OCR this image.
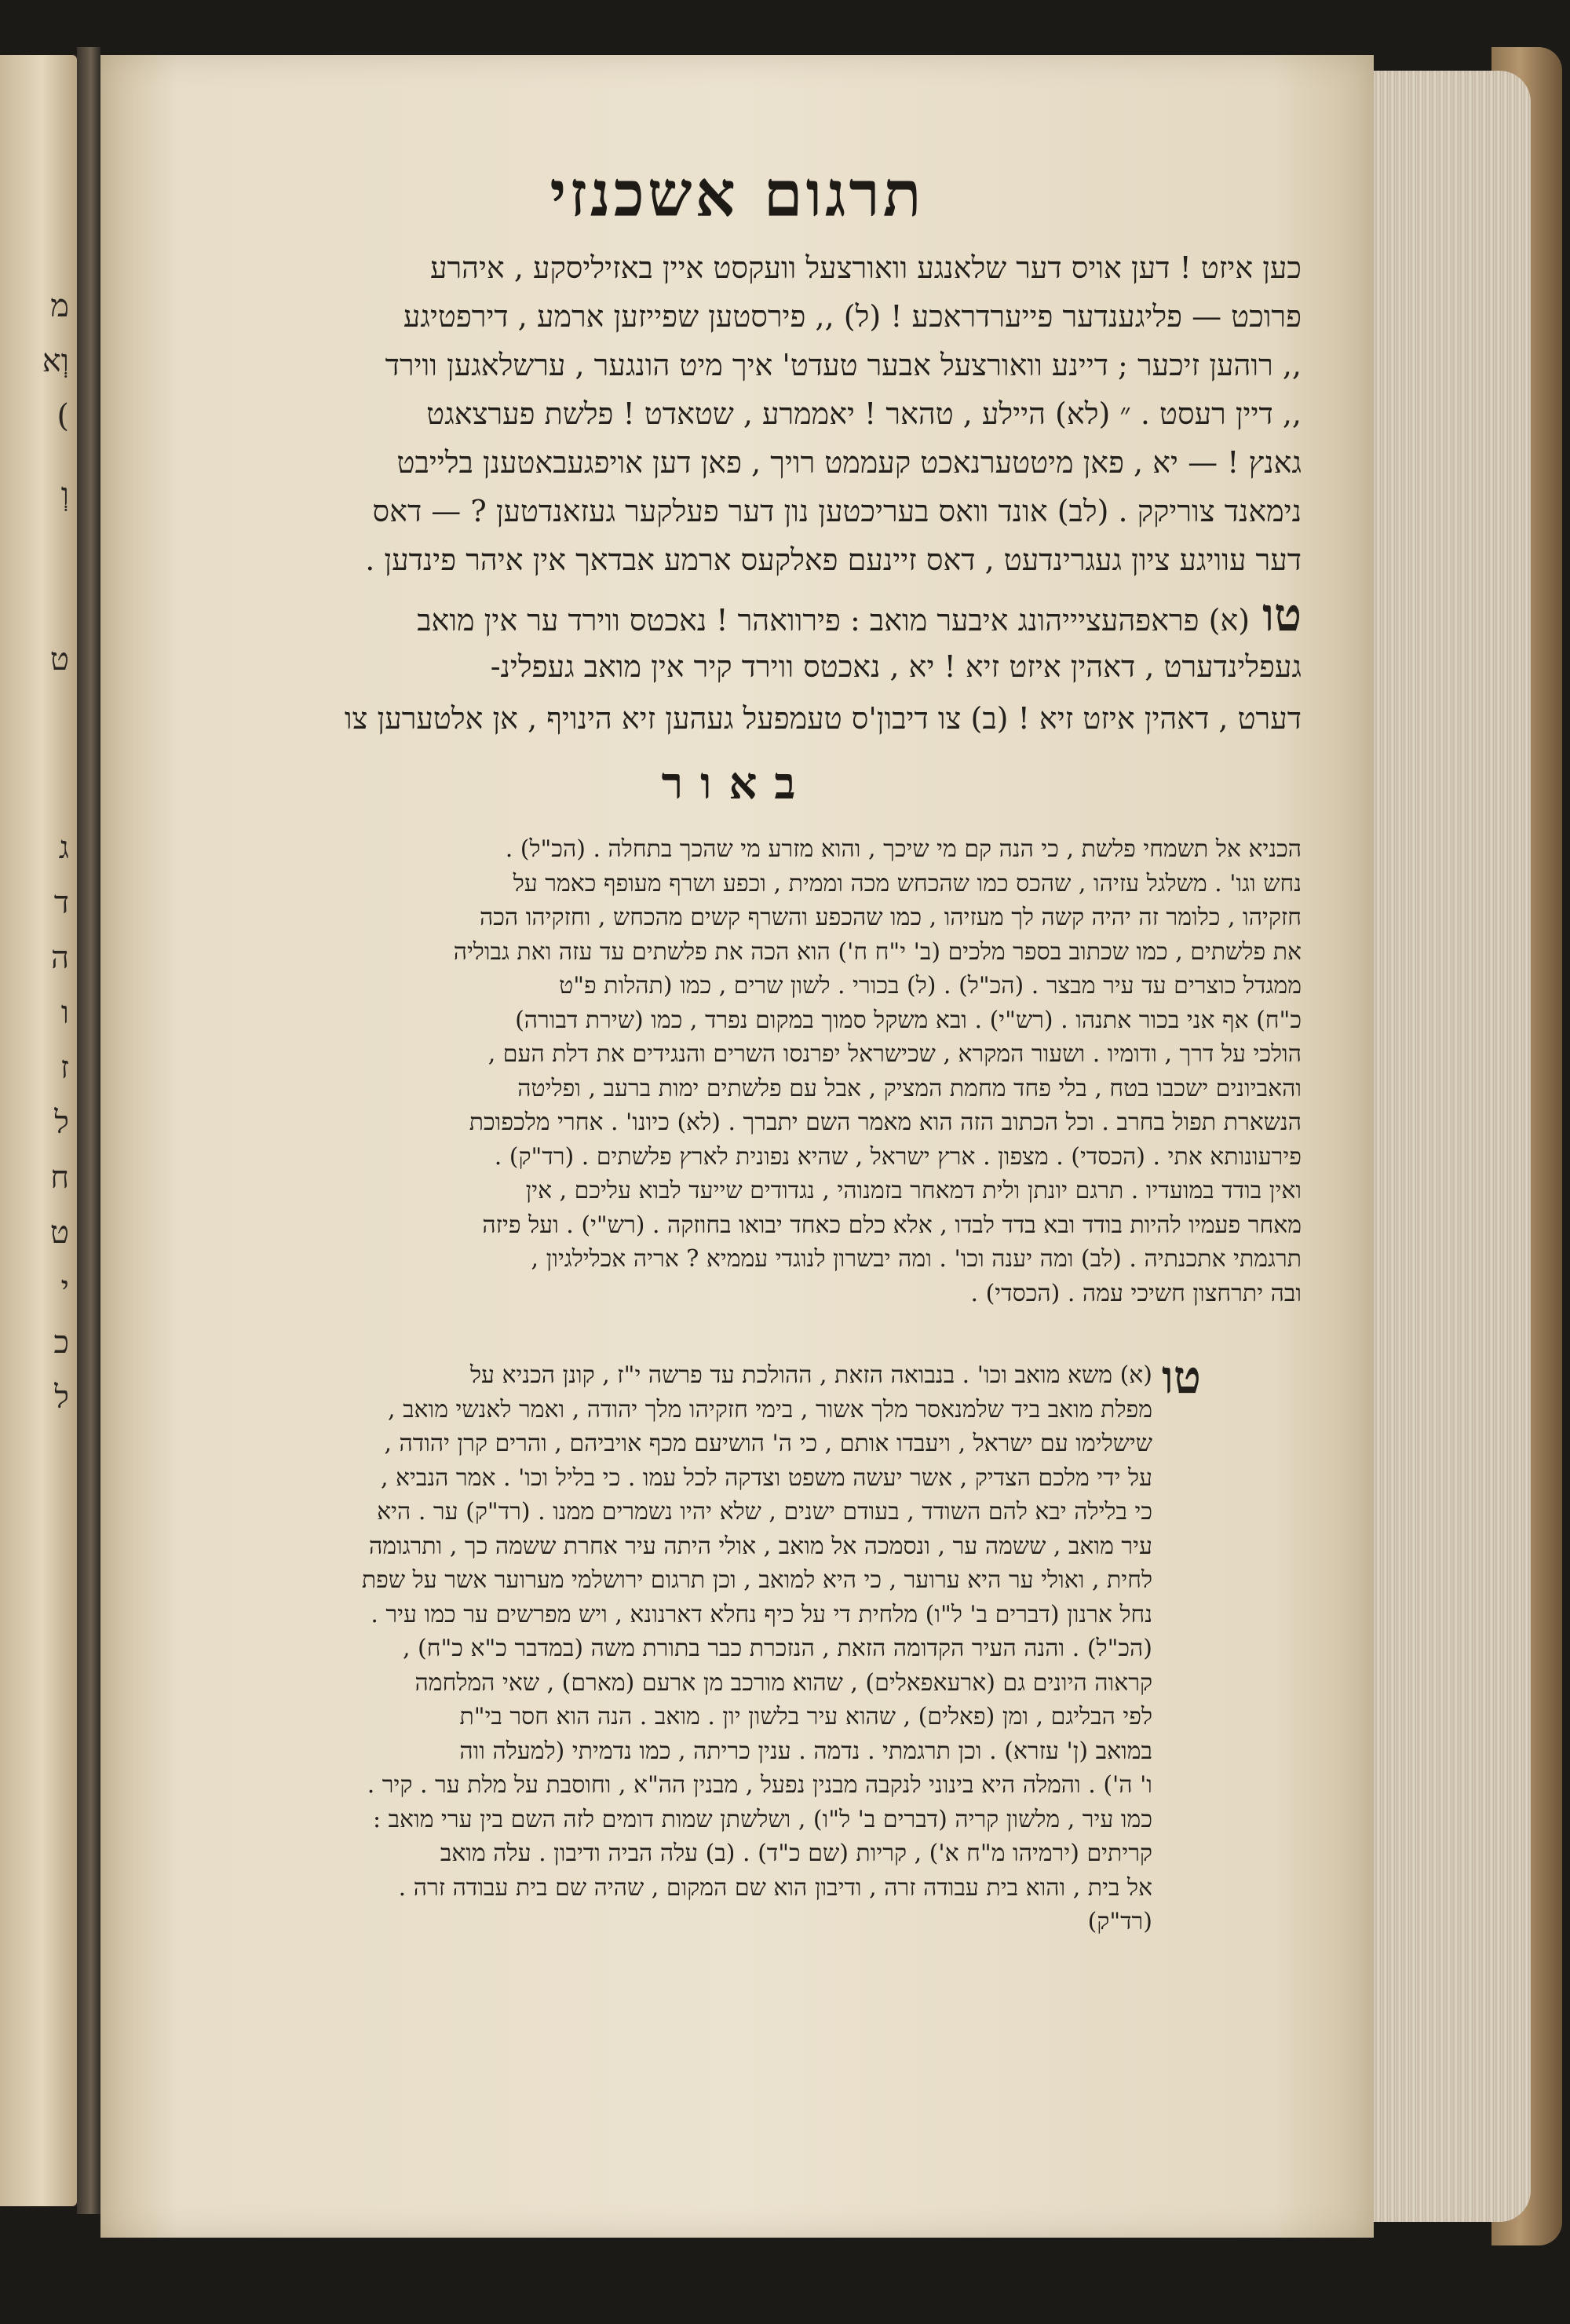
מ
וְא
(
וְ
ט
ג
ד
ה
ו
ז
ל
ח
ט
י
כ
ל
תרגום אשכנזי
כען איזט ! דען אויס דער שלאנגע וואורצעל וועקסט איין באזיליסקע , איהרע
פרוכט — פליגענדער פייערדראכע ! (ל) ,, פירסטען שפייזען ארמע , דירפטיגע
,, רוהען זיכער ; דיינע וואורצעל אבער טעדט' איך מיט הונגער , ערשלאגען ווירד
,, דיין רעסט . ״ (לא) היילע , טהאר ! יאממרע , שטאדט ! פלשת פערצאגט
גאנץ ! — יא , פאן מיטטערנאכט קעממט רויך , פאן דען אויפגעבאטענן בלייבט
נימאנד צוריקק . (לב) אונד וואס בעריכטען נון דער פעלקער געזאנדטען ? — דאס
דער עוויגע ציון געגרינדעט , דאס זיינעם פאלקעס ארמע אבדאך אין איהר פינדען .
טו(א) פראפהעציייהונג איבער מואב : פירוואהר ! נאכטס ווירד ער אין מואב
געפלינדערט , דאהין איזט זיא ! יא , נאכטס ווירד קיר אין מואב געפלינ-
דערט , דאהין איזט זיא ! (ב) צו דיבון'ס טעמפעל געהען זיא הינויף , אן אלטערען צו
באור
הכניא אל תשמחי פלשת , כי הנה קם מי שיכך , והוא מזרע מי שהכך בתחלה . (הכ"ל) .
נחש וגו' . משלגל עזיהו , שהכס כמו שהכחש מכה וממית , וכפע ושרף מעופף כאמר על
חזקיהו , כלומר זה יהיה קשה לך מעזיהו , כמו שהכפע והשרף קשים מהכחש , וחזקיהו הכה
את פלשתים , כמו שכתוב בספר מלכים (ב' י"ח ח') הוא הכה את פלשתים עד עזה ואת גבוליה
ממגדל כוצרים עד עיר מבצר . (הכ"ל) . (ל) בכורי . לשון שרים , כמו (תהלות פ"ט
כ"ח) אף אני בכור אתנהו . (רש"י) . ובא משקל סמוך במקום נפרד , כמו (שירת דבורה)
הולכי על דרך , ודומיו . ושעור המקרא , שכישראל יפרנסו השרים והנגידים את דלת העם ,
והאביונים ישכבו בטח , בלי פחד מחמת המציק , אבל עם פלשתים ימות ברעב , ופליטה
הנשארת תפול בחרב . וכל הכתוב הזה הוא מאמר השם יתברך . (לא) כיונו' . אחרי מלכפוכת
פירעונותא אתי . (הכסדי) . מצפון . ארץ ישראל , שהיא נפונית לארץ פלשתים . (רד"ק) .
ואין בודד במועדיו . תרגם יונתן ולית דמאחר בזמנוהי , נגדודים שייעד לבוא עליכם , אין
מאחר פעמיו להיות בודד ובא בדד לבדו , אלא כלם כאחד יבואו בחוזקה . (רש"י) . ועל פיזה
תרגמתי אתכנתיה . (לב) ומה יענה וכו' . ומה יבשרון לנוגדי עממיא ? אריה אכלילגיון ,
ובה יתרחצון חשיכי עמה . (הכסדי) .
טו
(א) משא מואב וכו' . בנבואה הזאת , ההולכת עד פרשה י"ז , קונן הכניא על
מפלת מואב ביד שלמנאסר מלך אשור , בימי חזקיהו מלך יהודה , ואמר לאנשי מואב ,
שישלימו עם ישראל , ויעבדו אותם , כי ה' הושיעם מכף אויביהם , והרים קרן יהודה ,
על ידי מלכם הצדיק , אשר יעשה משפט וצדקה לכל עמו . כי בליל וכו' . אמר הנביא ,
כי בלילה יבא להם השודד , בעודם ישנים , שלא יהיו נשמרים ממנו . (רד"ק) ער . היא
עיר מואב , ששמה ער , ונסמכה אל מואב , אולי היתה עיר אחרת ששמה כך , ותרגומה
לחית , ואולי ער היא ערוער , כי היא למואב , וכן תרגום ירושלמי מערוער אשר על שפת
נחל ארנון (דברים ב' ל"ו) מלחית די על כיף נחלא דארנונא , ויש מפרשים ער כמו עיר .
(הכ"ל) . והנה העיר הקדומה הזאת , הנזכרת כבר בתורת משה (במדבר כ"א כ"ח) ,
קראוה היונים גם (ארעאפאלים) , שהוא מורכב מן ארעם (מארם) , שאי המלחמה
לפי הבליגם , ומן (פאלים) , שהוא עיר בלשון יון . מואב . הנה הוא חסר בי"ת
במואב (ן' עזרא) . וכן תרגמתי . נדמה . ענין כריתה , כמו נדמיתי (למעלה ווה
ו' ה') . והמלה היא בינוני לנקבה מבנין נפעל , מבנין הה"א , וחוסבת על מלת ער . קיר .
כמו עיר , מלשון קריה (דברים ב' ל"ו) , ושלשתן שמות דומים לזה השם בין ערי מואב :
קריתים (ירמיהו מ"ח א') , קריות (שם כ"ד) . (ב) עלה הביה ודיבון . עלה מואב
אל בית , והוא בית עבודה זרה , ודיבון הוא שם המקום , שהיה שם בית עבודה זרה .
(רד"ק)
